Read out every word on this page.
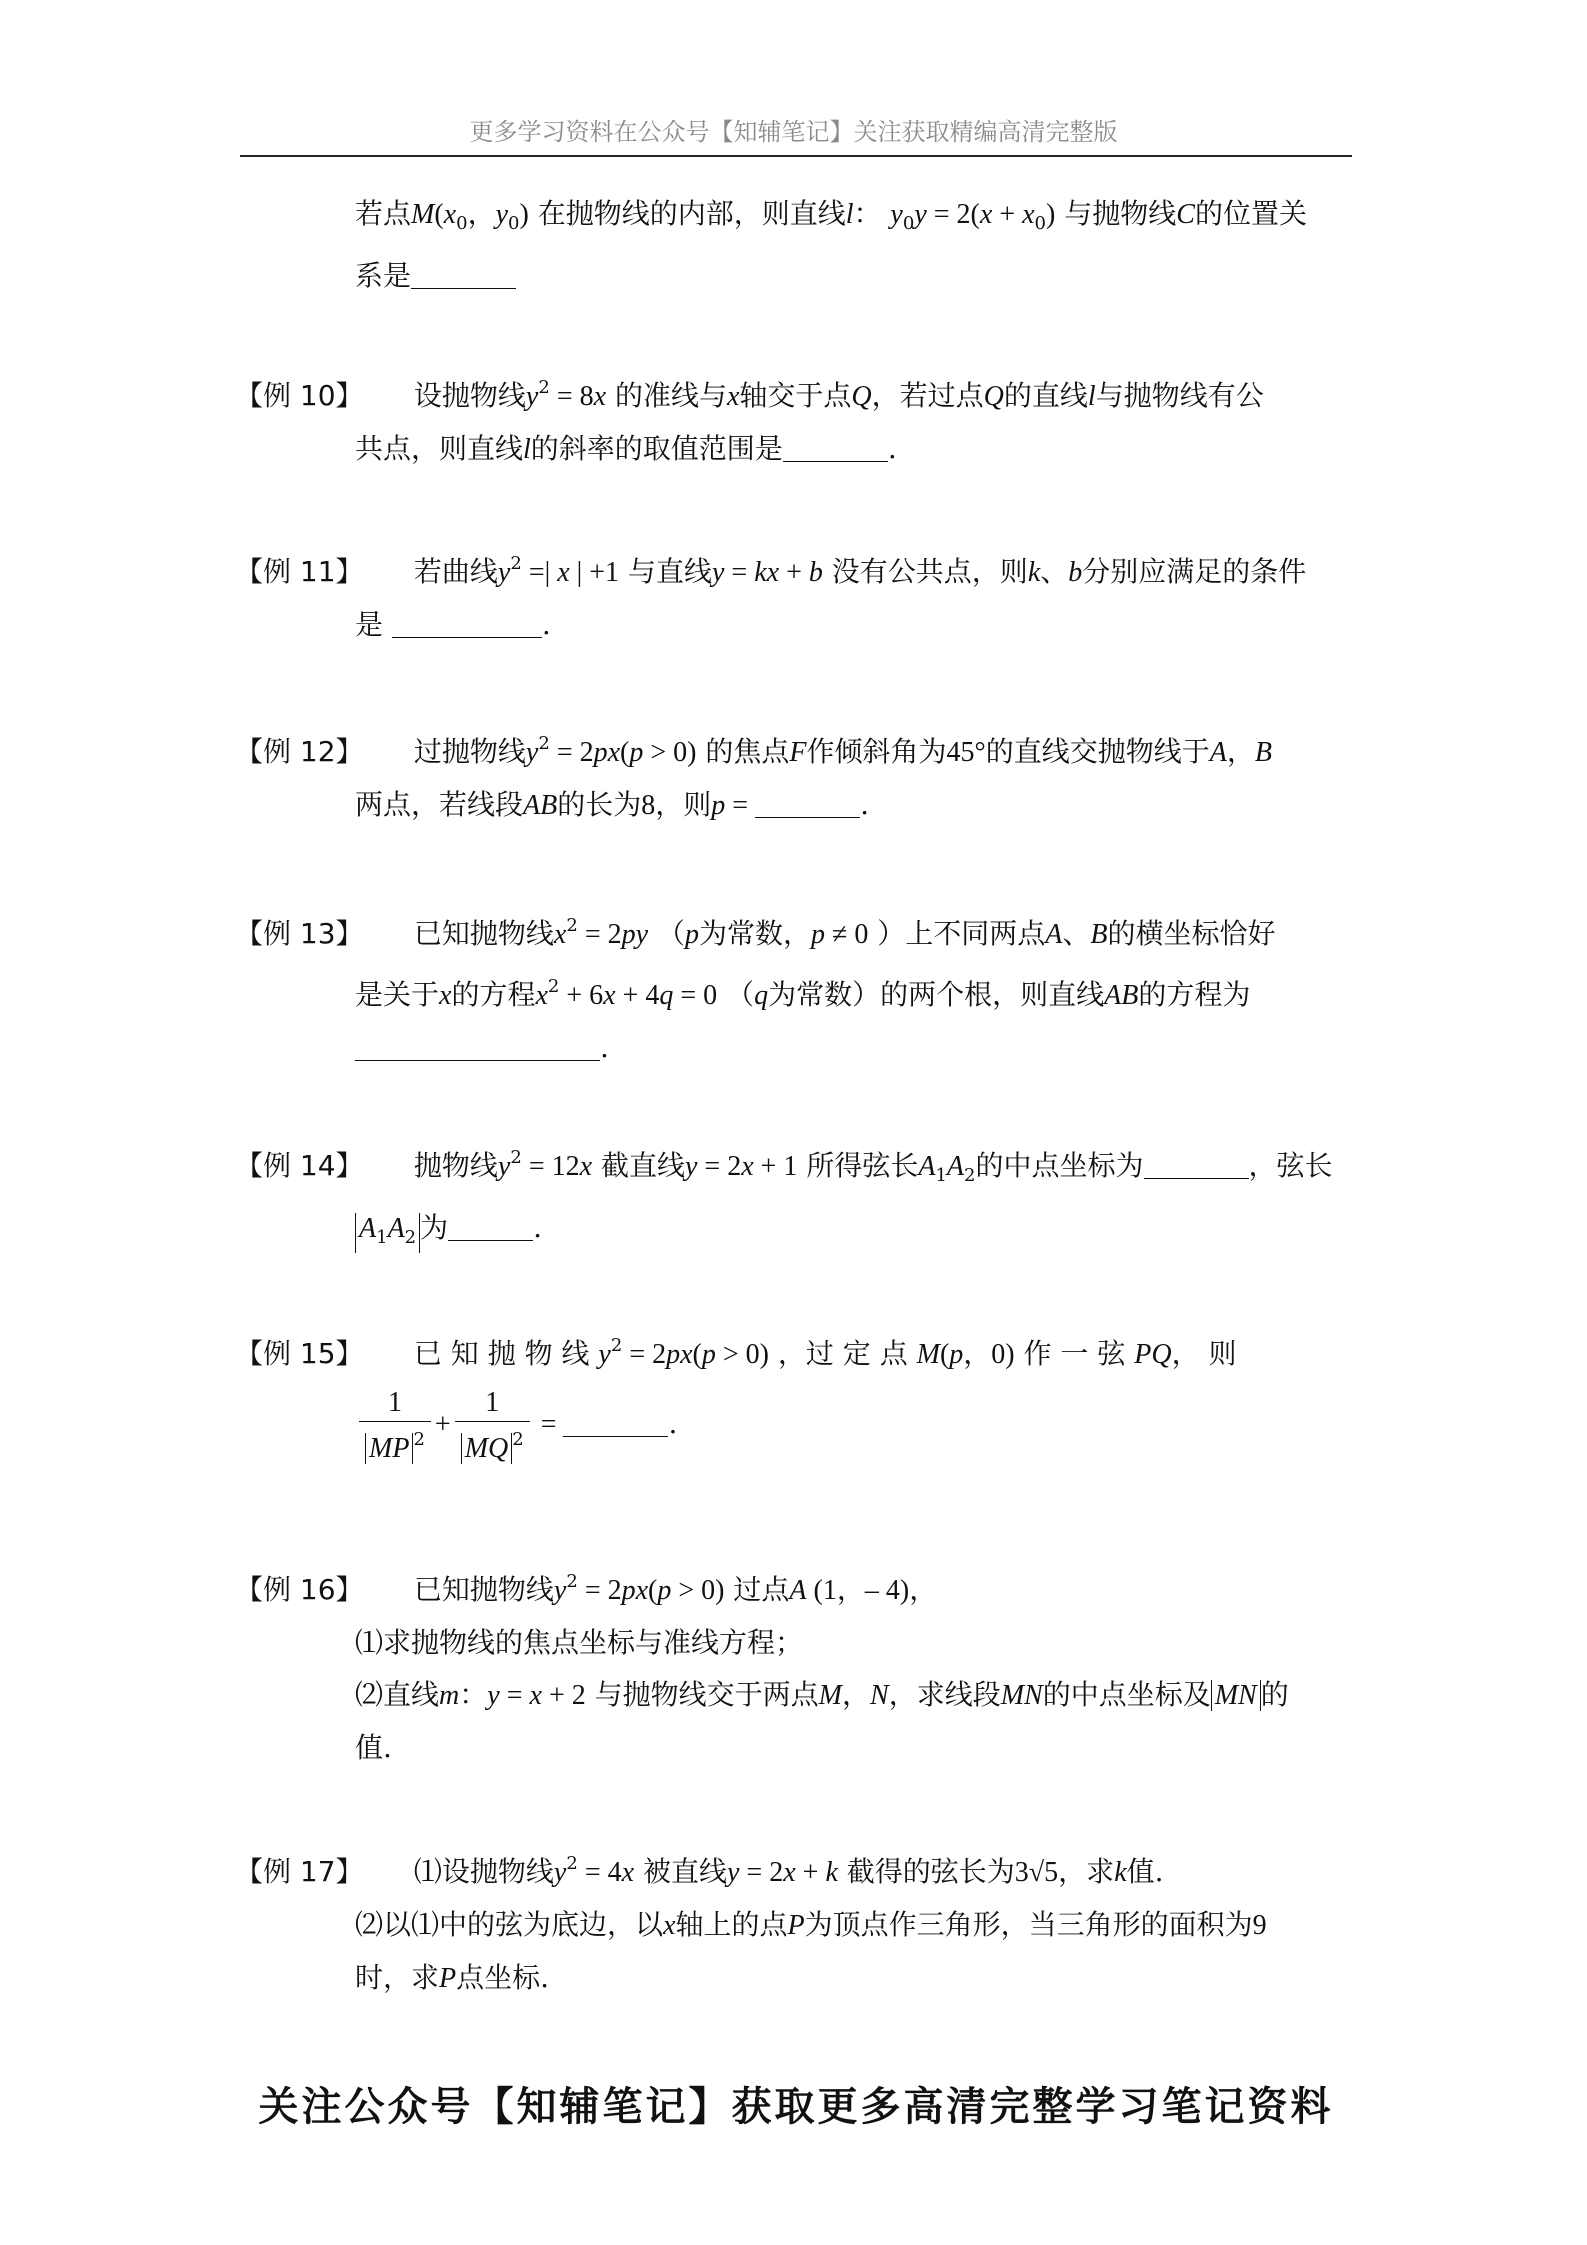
更多学习资料在公众号【知辅笔记】关注获取精编高清完整版
若点$M(x_0$，$y_0$) 在抛物线的内部，则直线l： $y_0y = 2(x + x_0)$ 与抛物线C的位置关
系是
【例 10】 设抛物线$y^2 = 8x$ 的准线与x轴交于点Q，若过点Q的直线l与抛物线有公
共点，则直线l的斜率的取值范围是	.
【例 11】 若曲线$y^2$ =| x | +1 与直线y = kx + b 没有公共点，则k、b分别应满足的条件
是	.
【例 12】 过抛物线$y^2 = 2px(p > 0)$ 的焦点F作倾斜角为45°的直线交抛物线于A，B
两点，若线段AB的长为8，则p =	.
【例 13】 已知抛物线$x^2 = 2py$ （p为常数，p ≠ 0 ）上不同两点A、B的横坐标恰好
是关于x的方程$x^2 + 6x + 4q = 0$ （q为常数）的两个根，则直线AB的方程为
.
【例 14】 抛物线$y^2 = 12x$ 截直线y = 2x + 1 所得弦长$A_1A_2$的中点坐标为	，弦长
$A_1A_2$ 为	.
【例 15】 已 知 抛 物 线 $y^2 = 2px(p > 0)$ ，过 定 点 M(p，0) 作 一 弦 PQ， 则
$\frac{1}{MP ^2} + \frac{1}{MQ ^2}$ =	.
【例 16】 已知抛物线$y^2 = 2px(p > 0)$ 过点A (1，– 4)，
⑴求抛物线的焦点坐标与准线方程；
⑵直线m：y = x + 2 与抛物线交于两点M，N，求线段MN的中点坐标及 MN 的
值.
【例 17】 ⑴设抛物线$y^2 = 4x$ 被直线y = 2x + k 截得的弦长为3√5，求k值.
⑵以⑴中的弦为底边，以x轴上的点P为顶点作三角形，当三角形的面积为9
时，求P点坐标.
关注公众号【知辅笔记】获取更多高清完整学习笔记资料
